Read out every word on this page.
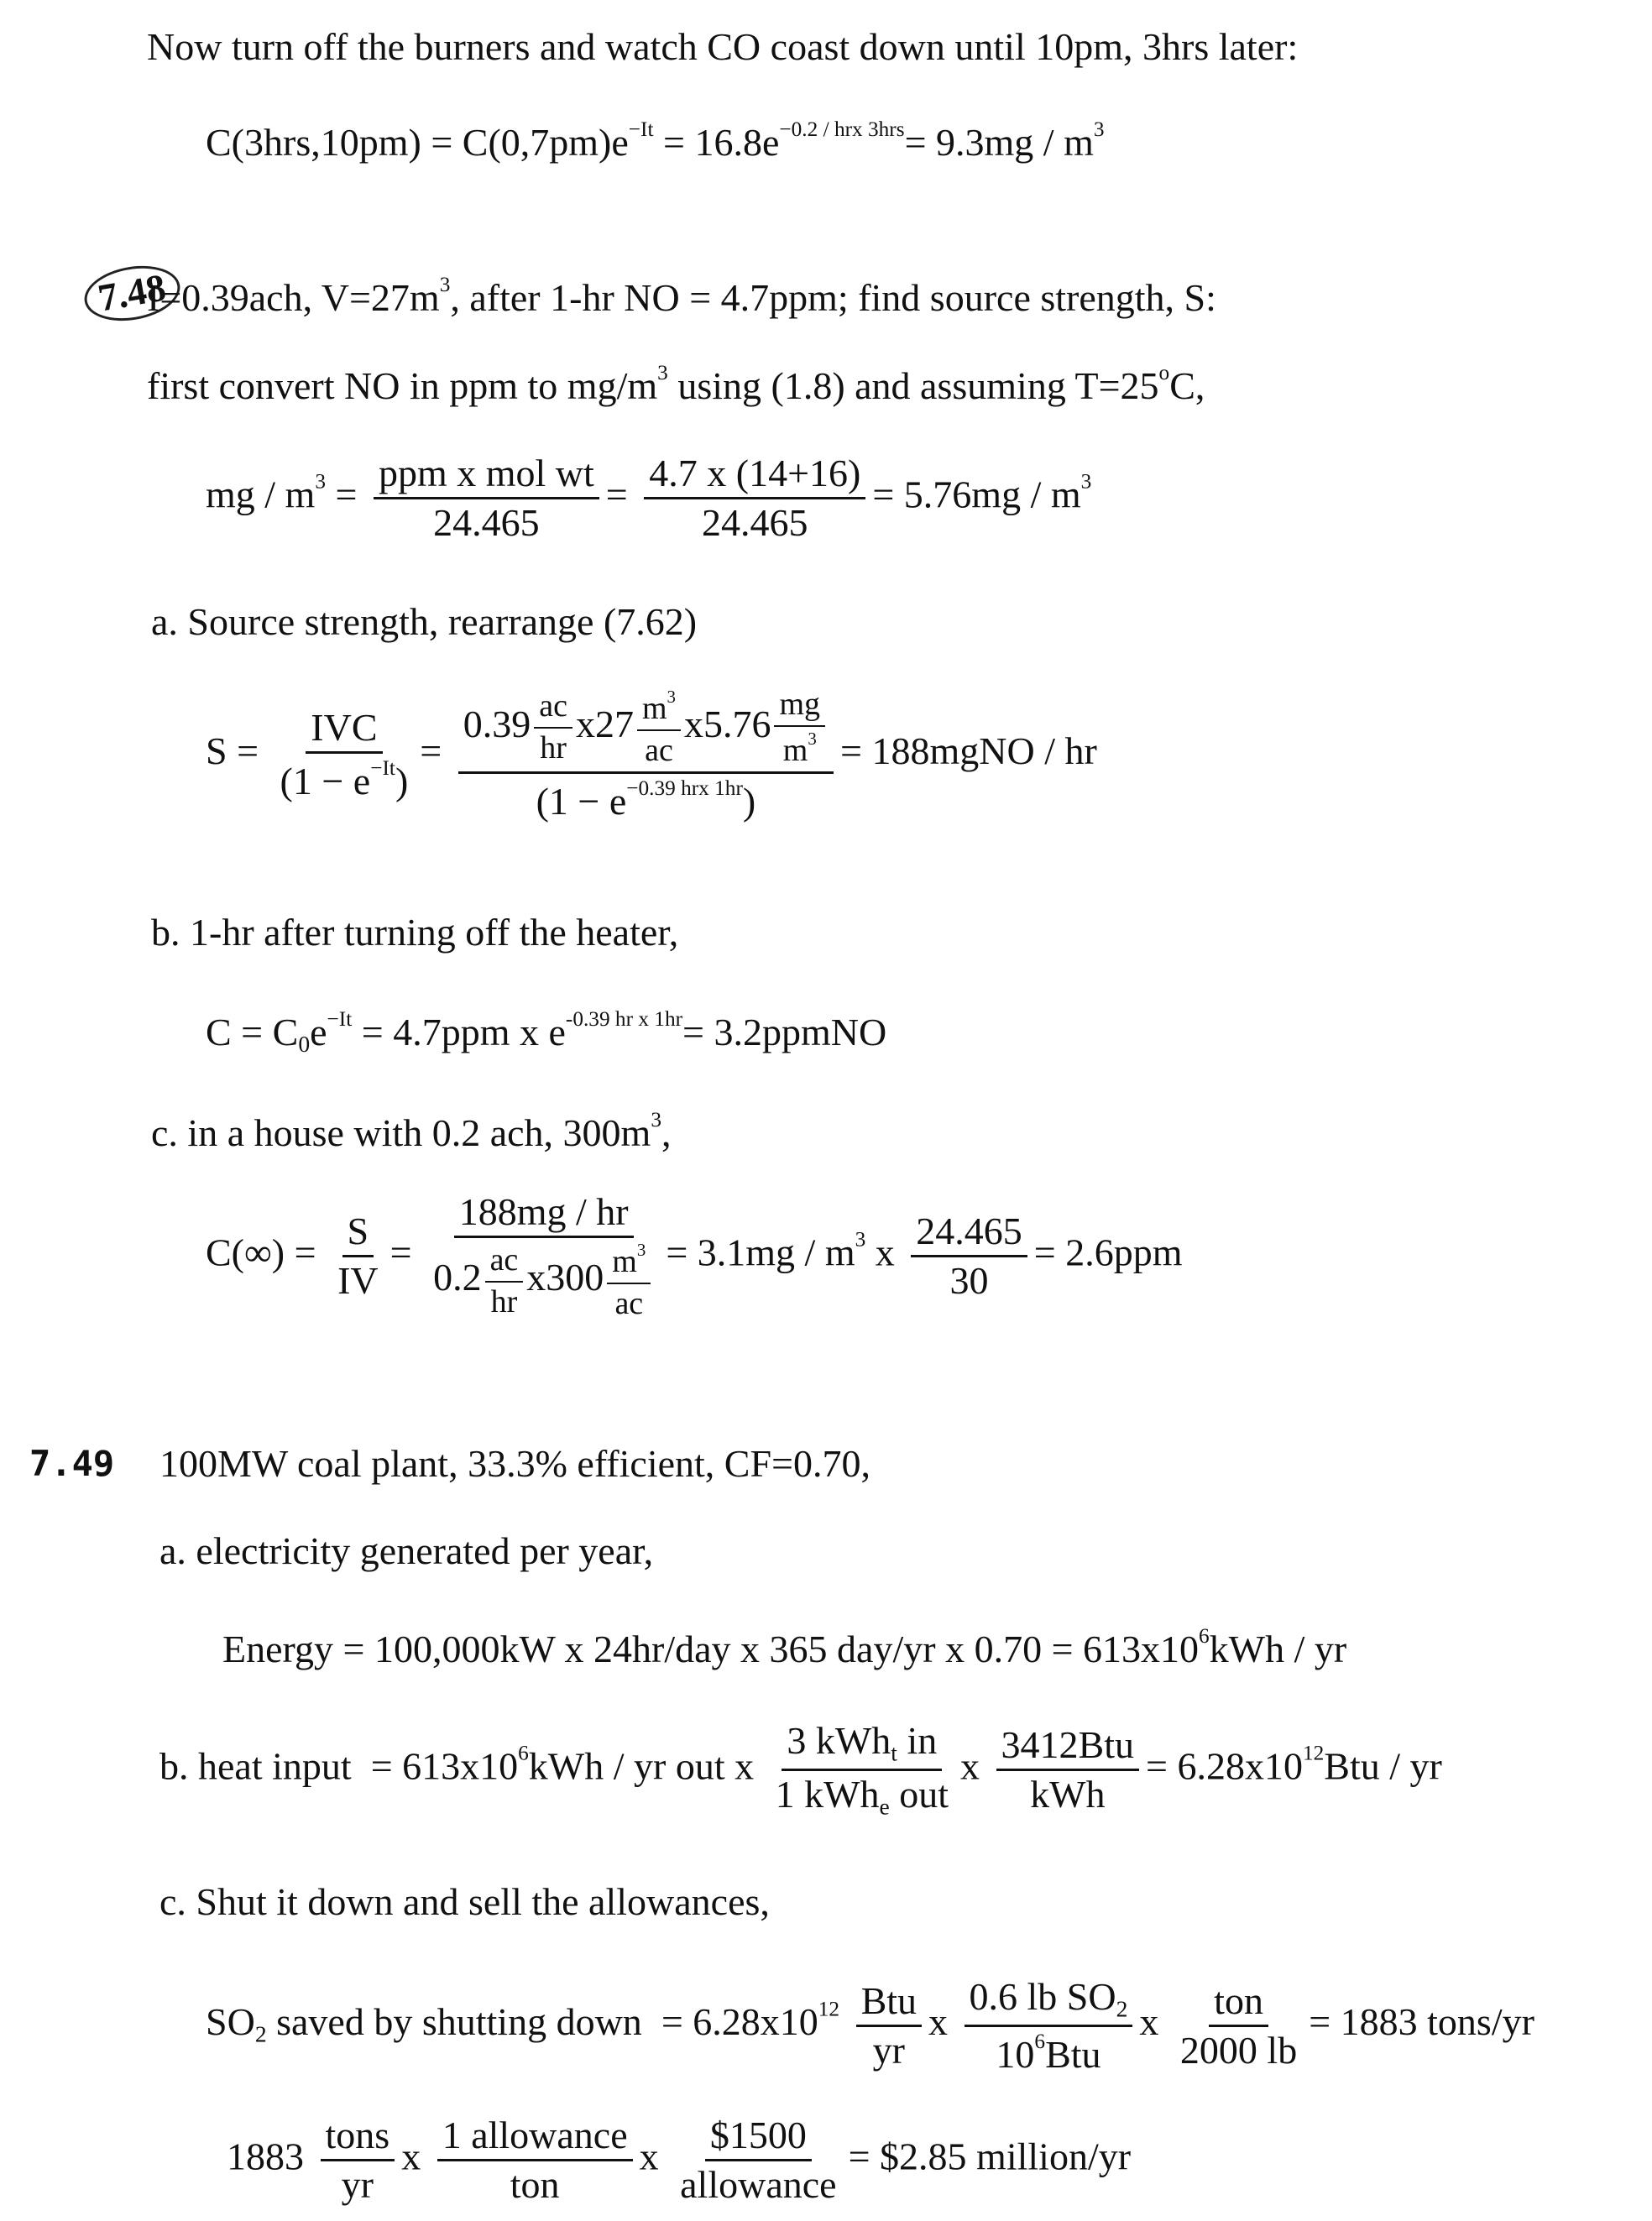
Now turn off the burners and watch CO coast down until 10pm, 3hrs later:
$C(3hrs,10pm) = C(0,7pm)e^{-It} = 16.8e^{-0.2 / hrx 3hrs}= 9.3mg / m^3$
7.48
I=0.39ach, $V=27m^3$, after 1-hr NO = 4.7ppm; find source strength, S:
first convert NO in ppm to $mg/m^3$ using (1.8) and assuming $T=25^oC$,
mg / $m^3 = \frac{\text{ppm x mol wt}}{24.465} = \frac{4.7 x (14+16)}{24.465} = 5.76mg / m^3$
a. Source strength, rearrange (7.62)
$S = \frac{\text{IVC}}{(1 - e^{-It})} = \frac{0.39 \frac{ac}{hr} x27 \frac{m^3}{ac} x5.76 \frac{mg}{m^3}}{(1 - e^{-0.39 hrx 1hr})}$ = 188mgNO / hr
b. 1-hr after turning off the heater,
$C = C_0e^{-It} = 4.7ppm$ x $e^{-0.39 hr x 1hr}=$ 3.2ppmNO
c. in a house with 0.2 ach, $300m^3$,
$C(\infty) = \frac{S}{IV} = \frac{188mg / hr}{0.2 \frac{ac}{hr} x300 \frac{m^3}{ac}} = 3.1mg / m^3$ x $\frac{24.465}{30} = 2.6ppm$
7.49 100MW coal plant, 33.3% efficient, CF=0.70,
a. electricity generated per year,
Energy = 100,000kW x 24hr/day x 365 day/yr x $0.70 = 613x10^6kWh$ / yr
b. heat input = $613x10^6kWh$ / yr out x $\frac{3 kWh_t in}{1 kWh_e out}$ x $\frac{\text{3412Btu}}{\text{kWh}} = 6.28x10^{12}Btu$ / yr
c. Shut it down and sell the allowances,
$SO_2$ saved by shutting down = $6.28x10^{12} \frac{\text{Btu}}{yr}$ x $\frac{0.6 lb SO_2}{10^6Btu}$ x $\frac{\text{ton}}{2000 lb} = 1883$ tons/yr
$1883 \frac{\text{tons}}{yr}$ x $\frac{\text{1 allowance}}{\text{ton}}$ x $\frac{\$1500}{\text{allowance}}$ = $2.85 million/yr
